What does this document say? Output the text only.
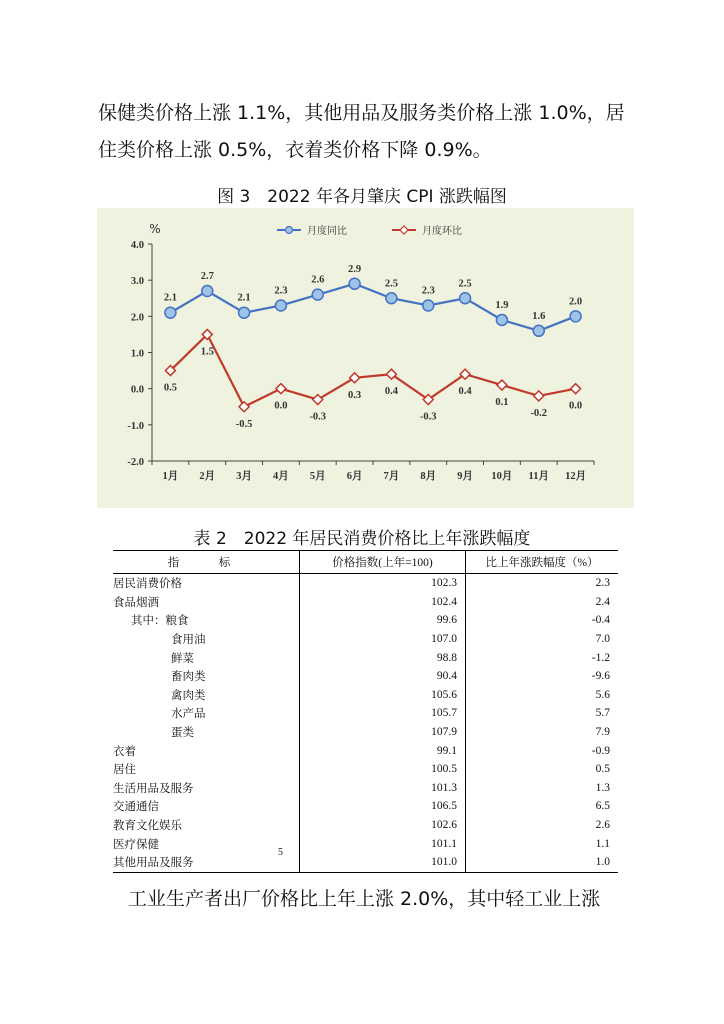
保健类价格上涨 1.1%，其他用品及服务类价格上涨 1.0%，居住类价格上涨 0.5%，衣着类价格下降 0.9%。

图 3　2022 年各月肇庆 CPI 涨跌幅图
4.0
3.0
2.0
1.0
0.0
-1.0
-2.0
%
1月 2月 3月 4月 5月 6月 7月 8月 9月 10月 11月 12月
月度同比	月度环比
2.1
2.7
2.1
2.3
2.6
2.9
2.5
2.3
2.5
1.9
1.6
2.0
0.5
1.5
-0.5
0.0
-0.3
0.3 0.4
-0.3
0.4
0.1
-0.2
0.0
表 2　2022 年居民消费价格比上年涨跌幅度
指　标	价格指数(上年=100)	比上年涨跌幅度（%）
居民消费价格	102.3	2.3
食品烟酒	102.4	2.4
其中：粮食	99.6	-0.4
食用油	107.0	7.0
鲜菜	98.8	-1.2
畜肉类	90.4	-9.6
禽肉类	105.6	5.6
水产品	105.7	5.7
蛋类	107.9	7.9
衣着	99.1	-0.9
居住	100.5	0.5
生活用品及服务	101.3	1.3
交通通信	106.5	6.5
教育文化娱乐	102.6	2.6
医疗保健	101.1	1.1
其他用品及服务	101.0	1.0
5

工业生产者出厂价格比上年上涨 2.0%，其中轻工业上涨
